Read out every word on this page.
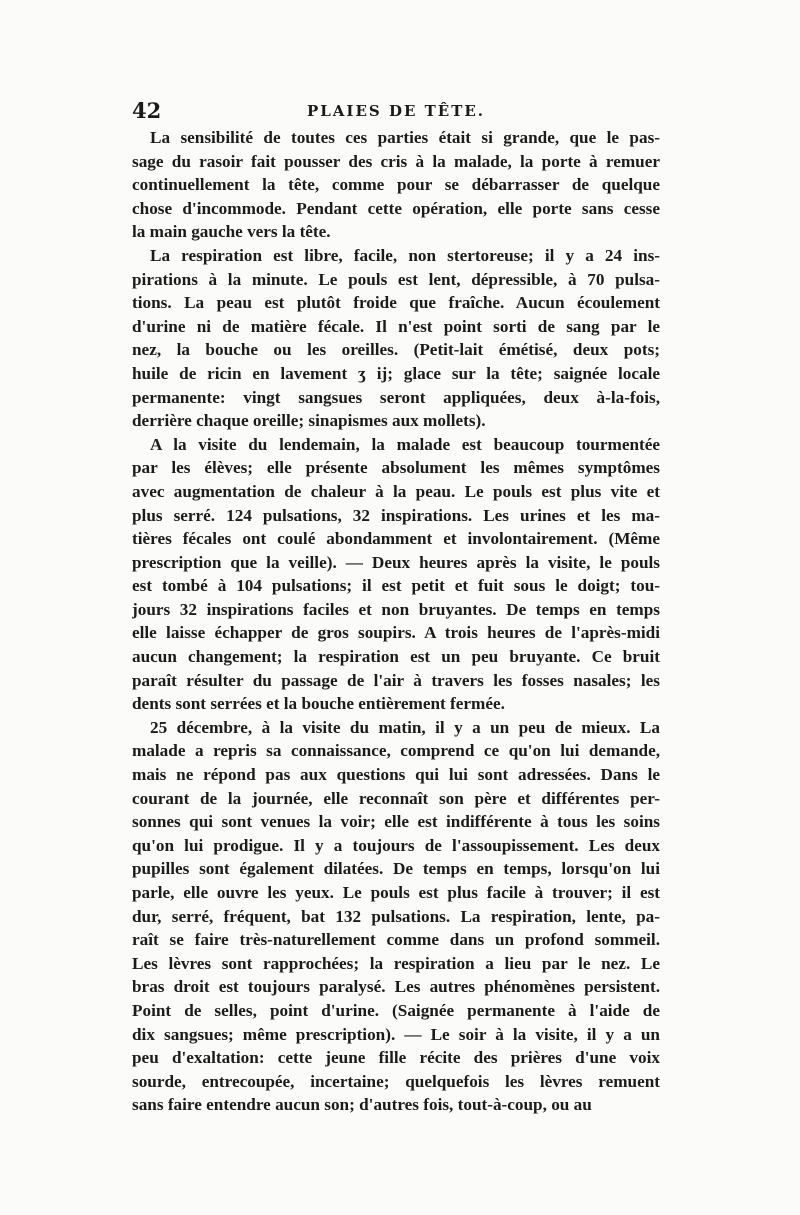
42	PLAIES DE TÊTE.
La sensibilité de toutes ces parties était si grande, que le pas-
sage du rasoir fait pousser des cris à la malade, la porte à remuer
continuellement la tête, comme pour se débarrasser de quelque
chose d'incommode. Pendant cette opération, elle porte sans cesse
la main gauche vers la tête.
La respiration est libre, facile, non stertoreuse; il y a 24 ins-
pirations à la minute. Le pouls est lent, dépressible, à 70 pulsa-
tions. La peau est plutôt froide que fraîche. Aucun écoulement
d'urine ni de matière fécale. Il n'est point sorti de sang par le
nez, la bouche ou les oreilles. (Petit-lait émétisé, deux pots;
huile de ricin en lavement ʒ ij; glace sur la tête; saignée locale
permanente: vingt sangsues seront appliquées, deux à-la-fois,
derrière chaque oreille; sinapismes aux mollets).
A la visite du lendemain, la malade est beaucoup tourmentée
par les élèves; elle présente absolument les mêmes symptômes
avec augmentation de chaleur à la peau. Le pouls est plus vite et
plus serré. 124 pulsations, 32 inspirations. Les urines et les ma-
tières fécales ont coulé abondamment et involontairement. (Même
prescription que la veille). — Deux heures après la visite, le pouls
est tombé à 104 pulsations; il est petit et fuit sous le doigt; tou-
jours 32 inspirations faciles et non bruyantes. De temps en temps
elle laisse échapper de gros soupirs. A trois heures de l'après-midi
aucun changement; la respiration est un peu bruyante. Ce bruit
paraît résulter du passage de l'air à travers les fosses nasales; les
dents sont serrées et la bouche entièrement fermée.
25 décembre, à la visite du matin, il y a un peu de mieux. La
malade a repris sa connaissance, comprend ce qu'on lui demande,
mais ne répond pas aux questions qui lui sont adressées. Dans le
courant de la journée, elle reconnaît son père et différentes per-
sonnes qui sont venues la voir; elle est indifférente à tous les soins
qu'on lui prodigue. Il y a toujours de l'assoupissement. Les deux
pupilles sont également dilatées. De temps en temps, lorsqu'on lui
parle, elle ouvre les yeux. Le pouls est plus facile à trouver; il est
dur, serré, fréquent, bat 132 pulsations. La respiration, lente, pa-
raît se faire très-naturellement comme dans un profond sommeil.
Les lèvres sont rapprochées; la respiration a lieu par le nez. Le
bras droit est toujours paralysé. Les autres phénomènes persistent.
Point de selles, point d'urine. (Saignée permanente à l'aide de
dix sangsues; même prescription). — Le soir à la visite, il y a un
peu d'exaltation: cette jeune fille récite des prières d'une voix
sourde, entrecoupée, incertaine; quelquefois les lèvres remuent
sans faire entendre aucun son; d'autres fois, tout-à-coup, ou au
